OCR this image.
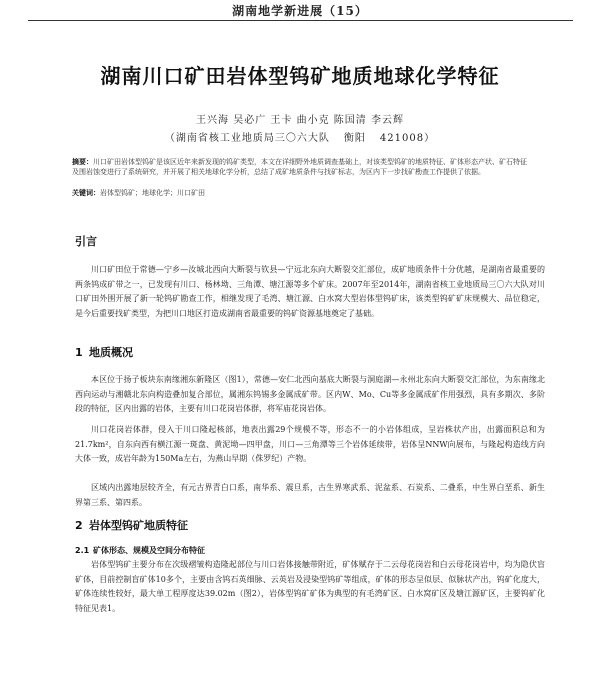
湖南地学新进展（15）
湖南川口矿田岩体型钨矿地质地球化学特征
王兴海 吴必广 王卡 曲小克 陈国清 李云辉
（湖南省核工业地质局三〇六大队 衡阳 421008）
摘要：川口矿田岩体型钨矿是该区近年来新发现的钨矿类型，本文在详细野外地质调查基础上，对该类型钨矿的地质特征、矿体形态产状、矿石特征及围岩蚀变进行了系统研究，并开展了相关地球化学分析，总结了成矿地质条件与找矿标志，为区内下一步找矿勘查工作提供了依据。
关键词：岩体型钨矿；地球化学；川口矿田
引言
川口矿田位于常德—宁乡—汝城北西向大断裂与钦县—宁远北东向大断裂交汇部位，成矿地质条件十分优越，是湖南省最重要的两条钨成矿带之一，已发现有川口、杨林坳、三角潭、塘江源等多个矿床。2007年至2014年，湖南省核工业地质局三〇六大队对川口矿田外围开展了新一轮钨矿勘查工作，相继发现了毛湾、塘江源、白水窝大型岩体型钨矿床，该类型钨矿矿床规模大、品位稳定，是今后重要找矿类型，为把川口地区打造成湖南省最重要的钨矿资源基地奠定了基础。
1 地质概况
本区位于扬子板块东南缘湘东新隆区（图1），常德—安仁北西向基底大断裂与洞庭湖—永州北东向大断裂交汇部位，为东南缘北西向运动与湘赣北东向构造叠加复合部位，属湘东钨锡多金属成矿带。区内W、Mo、Cu等多金属成矿作用强烈，具有多期次、多阶段的特征，区内出露的岩体，主要有川口花岗岩体群，将军庙花岗岩体。
川口花岗岩体群，侵入于川口隆起核部，地表出露29个规模不等，形态不一的小岩体组成，呈岩株状产出，出露面积总和为21.7km²，自东向西有横江源一斑盘、黄泥坳—四甲盘，川口—三角潭等三个岩体延续带，岩体呈NNW向展布，与隆起构造线方向大体一致，成岩年龄为150Ma左右，为燕山早期（侏罗纪）产物。
区域内出露地层较齐全，有元古界青白口系，南华系、震旦系，古生界寒武系、泥盆系、石炭系、二叠系，中生界白垩系、新生界第三系、第四系。
2 岩体型钨矿地质特征
2.1 矿体形态、规模及空间分布特征
岩体型钨矿主要分布在次级褶皱构造隆起部位与川口岩体接触带附近，矿体赋存于二云母花岗岩和白云母花岗岩中，均为隐伏盲矿体，目前控制盲矿体10多个，主要由含钨石英细脉、云英岩及浸染型钨矿等组成，矿体的形态呈似层、似脉状产出，钨矿化度大，矿体连续性较好，最大单工程厚度达39.02m（图2），岩体型钨矿矿体为典型的有毛湾矿区、白水窝矿区及塘江源矿区，主要钨矿化特征见表1。
